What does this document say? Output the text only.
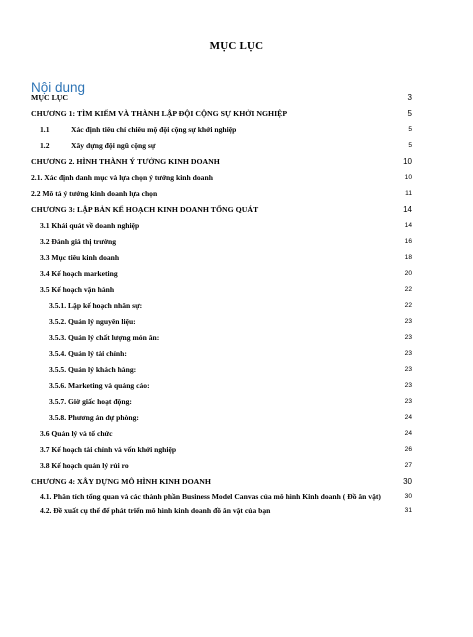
MỤC LỤC
Nội dung
MỤC LỤC	3
CHƯƠNG 1: TÌM KIẾM VÀ THÀNH LẬP ĐỘI CỘNG SỰ KHỞI NGHIỆP	5
1.1	Xác định tiêu chí chiêu mộ đội cộng sự khởi nghiệp	5
1.2	Xây dựng đội ngũ cộng sự	5
CHƯƠNG 2. HÌNH THÀNH Ý TƯỞNG KINH DOANH	10
2.1. Xác định danh mục và lựa chọn ý tưởng kinh doanh	10
2.2 Mô tả ý tưởng kinh doanh lựa chọn	11
CHƯƠNG 3: LẬP BẢN KẾ HOẠCH KINH DOANH TỔNG QUÁT	14
3.1 Khái quát về doanh nghiệp	14
3.2 Đánh giá thị trường	16
3.3 Mục tiêu kinh doanh	18
3.4 Kế hoạch marketing	20
3.5 Kế hoạch vận hành	22
3.5.1. Lập kế hoạch nhân sự:	22
3.5.2. Quản lý nguyên liệu:	23
3.5.3. Quản lý chất lượng món ăn:	23
3.5.4. Quản lý tài chính:	23
3.5.5. Quản lý khách hàng:	23
3.5.6. Marketing và quảng cáo:	23
3.5.7. Giờ giấc hoạt động:	23
3.5.8. Phương án dự phòng:	24
3.6 Quản lý và tổ chức	24
3.7 Kế hoạch tài chính và vốn khởi nghiệp	26
3.8 Kế hoạch quản lý rủi ro	27
CHƯƠNG 4: XÂY DỰNG MÔ HÌNH KINH DOANH	30
4.1. Phân tích tổng quan và các thành phần Business Model Canvas của mô hình Kinh doanh ( Đồ ăn vặt)	30
4.2. Đề xuất cụ thể để phát triển mô hình kinh doanh đồ ăn vặt của bạn	31
